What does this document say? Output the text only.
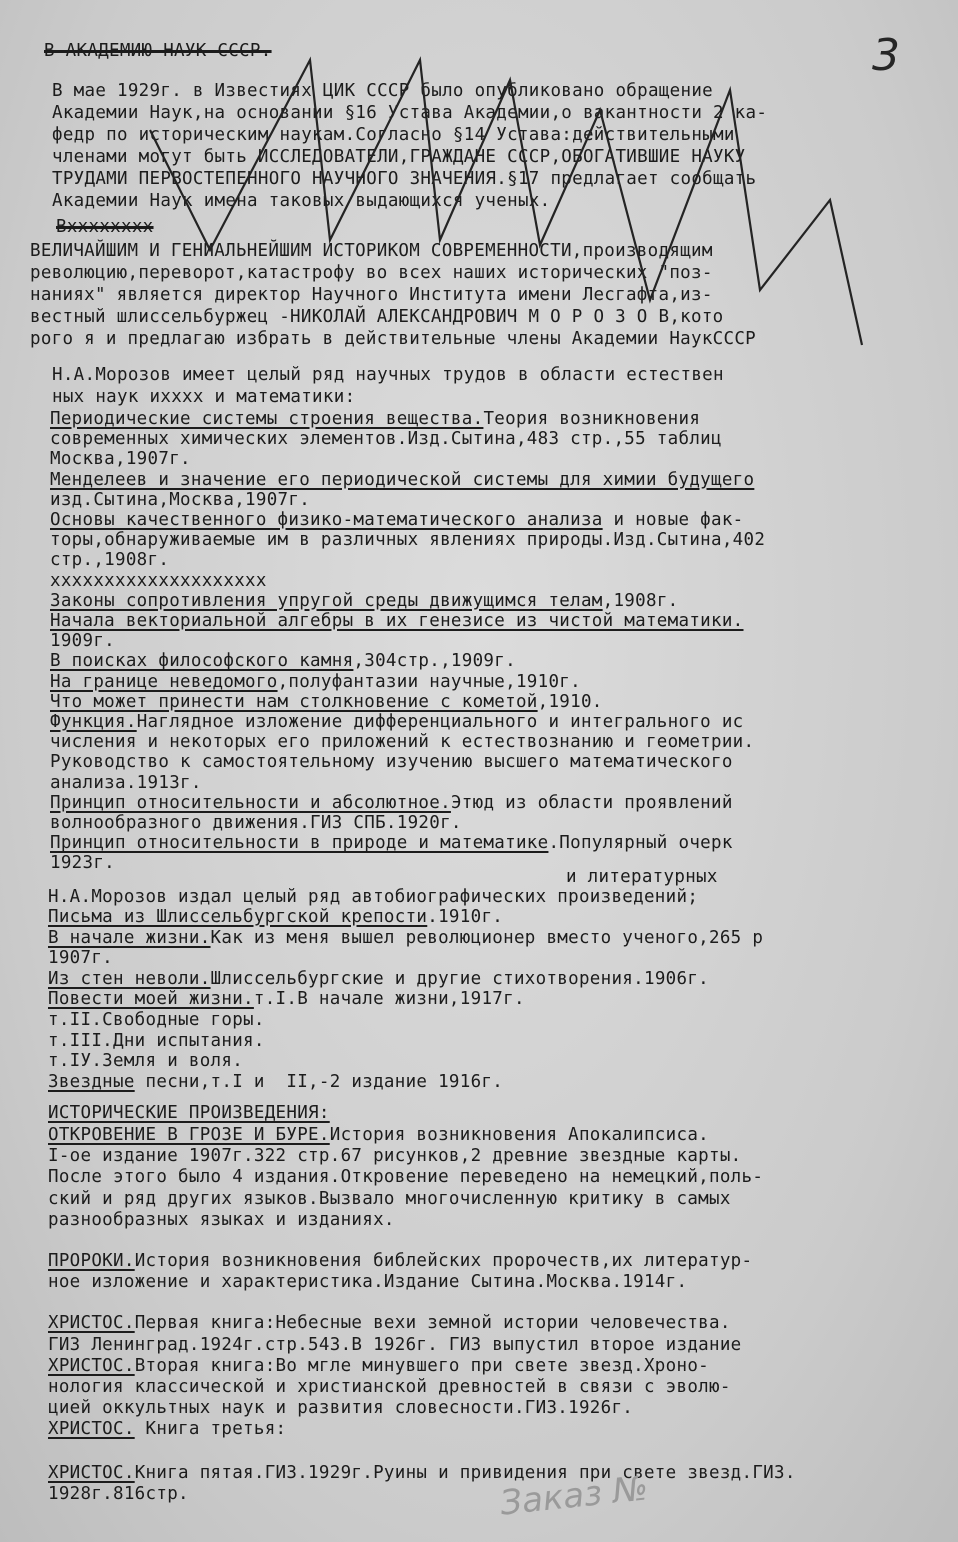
3
В АКАДЕМИЮ НАУК СССР.
В мае 1929г. в Известиях ЦИК СССР было опубликовано обращение
Академии Наук,на основании §16 Устава Академии,о вакантности 2 ка-
федр по историческим наукам.Согласно §14 Устава:действительными
членами могут быть ИССЛЕДОВАТЕЛИ,ГРАЖДАНЕ СССР,ОБОГАТИВШИЕ НАУКУ
ТРУДАМИ ПЕРВОСТЕПЕННОГО НАУЧНОГО ЗНАЧЕНИЯ.§17 предлагает сообщать
Академии Наук имена таковых выдающихся ученых.
Вхххххххх
ВЕЛИЧАЙШИМ И ГЕНИАЛЬНЕЙШИМ ИСТОРИКОМ СОВРЕМЕННОСТИ,производящим
революцию,переворот,катастрофу во всех наших исторических "поз-
наниях" является директор Научного Института имени Лесгафта,из-
вестный шлиссельбуржец -НИКОЛАЙ АЛЕКСАНДРОВИЧ М О Р О З О В,кото
рого я и предлагаю избрать в действительные члены Академии НаукСССР
Н.А.Морозов имеет целый ряд научных трудов в области естествен
ных наук ихххх и математики:
Периодические системы строения вещества.Теория возникновения
современных химических элементов.Изд.Сытина,483 стр.,55 таблиц
Москва,1907г.
Менделеев и значение его периодической системы для химии будущего
изд.Сытина,Москва,1907г.
Основы качественного физико-математического анализа и новые фак-
торы,обнаруживаемые им в различных явлениях природы.Изд.Сытина,402
стр.,1908г.
хххххххххххххххххххх
Законы сопротивления упругой среды движущимся телам,1908г.
Начала векториальной алгебры в их генезисе из чистой математики.
1909г.
В поисках философского камня,304стр.,1909г.
На границе неведомого,полуфантазии научные,1910г.
Что может принести нам столкновение с кометой,1910.
Функция.Наглядное изложение дифференциального и интегрального ис
числения и некоторых его приложений к естествознанию и геометрии.
Руководство к самостоятельному изучению высшего математического
анализа.1913г.
Принцип относительности и абсолютное.Этюд из области проявлений
волнообразного движения.ГИЗ СПБ.1920г.
Принцип относительности в природе и математике.Популярный очерк
1923г.
и литературных
Н.А.Морозов издал целый ряд автобиографических произведений;
Письма из Шлиссельбургской крепости.1910г.
В начале жизни.Как из меня вышел революционер вместо ученого,265 р
1907г.
Из стен неволи.Шлиссельбургские и другие стихотворения.1906г.
Повести моей жизни.т.I.В начале жизни,1917г.
т.II.Свободные горы.
т.III.Дни испытания.
т.IУ.Земля и воля.
Звездные песни,т.I и  II,-2 издание 1916г.
ИСТОРИЧЕСКИЕ ПРОИЗВЕДЕНИЯ:
ОТКРОВЕНИЕ В ГРОЗЕ И БУРЕ.История возникновения Апокалипсиса.
I-ое издание 1907г.322 стр.67 рисунков,2 древние звездные карты.
После этого было 4 издания.Откровение переведено на немецкий,поль-
ский и ряд других языков.Вызвало многочисленную критику в самых
разнообразных языках и изданиях.
ПРОРОКИ.История возникновения библейских пророчеств,их литератур-
ное изложение и характеристика.Издание Сытина.Москва.1914г.
ХРИСТОС.Первая книга:Небесные вехи земной истории человечества.
ГИЗ Ленинград.1924г.стр.543.В 1926г. ГИЗ выпустил второе издание
ХРИСТОС.Вторая книга:Во мгле минувшего при свете звезд.Хроно-
нология классической и христианской древностей в связи с эволю-
цией оккультных наук и развития словесности.ГИЗ.1926г.
ХРИСТОС. Книга третья:
ХРИСТОС.Книга пятая.ГИЗ.1929г.Руины и привидения при свете звезд.ГИЗ.
1928г.816стр.	Заказ №
